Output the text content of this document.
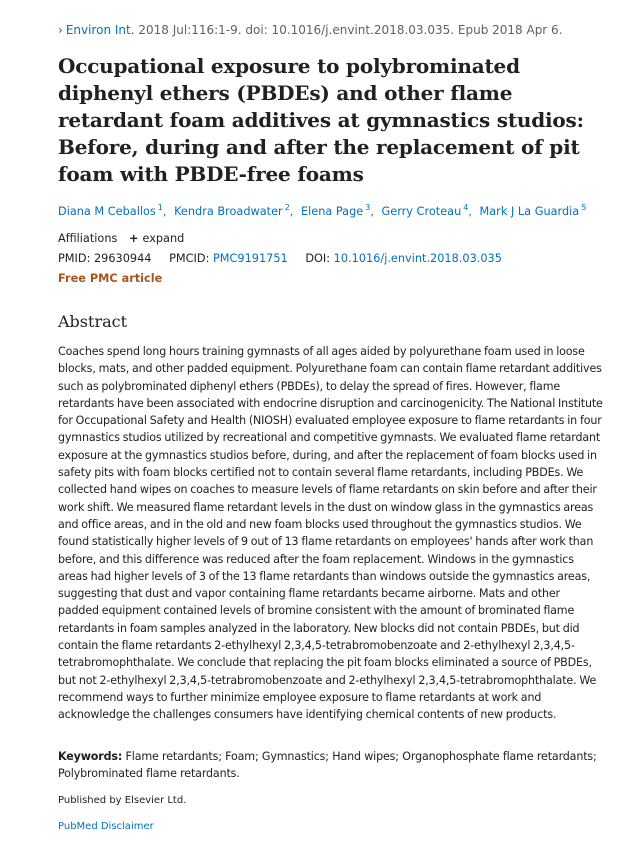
› Environ Int. 2018 Jul:116:1-9. doi: 10.1016/j.envint.2018.03.035. Epub 2018 Apr 6.
Occupational exposure to polybrominated diphenyl ethers (PBDEs) and other flame retardant foam additives at gymnastics studios: Before, during and after the replacement of pit foam with PBDE-free foams
Diana M Ceballos $^1$, Kendra Broadwater $^2$, Elena Page $^3$, Gerry Croteau $^4$, Mark J La Guardia $^5$
Affiliations + expand
PMID: 29630944 PMCID: PMC9191751 DOI: 10.1016/j.envint.2018.03.035
Free PMC article
Abstract

Coaches spend long hours training gymnasts of all ages aided by polyurethane foam used in loose blocks, mats, and other padded equipment. Polyurethane foam can contain flame retardant additives such as polybrominated diphenyl ethers (PBDEs), to delay the spread of fires. However, flame retardants have been associated with endocrine disruption and carcinogenicity. The National Institute for Occupational Safety and Health (NIOSH) evaluated employee exposure to flame retardants in four gymnastics studios utilized by recreational and competitive gymnasts. We evaluated flame retardant exposure at the gymnastics studios before, during, and after the replacement of foam blocks used in safety pits with foam blocks certified not to contain several flame retardants, including PBDEs. We collected hand wipes on coaches to measure levels of flame retardants on skin before and after their work shift. We measured flame retardant levels in the dust on window glass in the gymnastics areas and office areas, and in the old and new foam blocks used throughout the gymnastics studios. We found statistically higher levels of 9 out of 13 flame retardants on employees' hands after work than before, and this difference was reduced after the foam replacement. Windows in the gymnastics areas had higher levels of 3 of the 13 flame retardants than windows outside the gymnastics areas, suggesting that dust and vapor containing flame retardants became airborne. Mats and other padded equipment contained levels of bromine consistent with the amount of brominated flame retardants in foam samples analyzed in the laboratory. New blocks did not contain PBDEs, but did contain the flame retardants 2-ethylhexyl 2,3,4,5-tetrabromobenzoate and 2-ethylhexyl 2,3,4,5-tetrabromophthalate. We conclude that replacing the pit foam blocks eliminated a source of PBDEs, but not 2-ethylhexyl 2,3,4,5-tetrabromobenzoate and 2-ethylhexyl 2,3,4,5-tetrabromophthalate. We recommend ways to further minimize employee exposure to flame retardants at work and acknowledge the challenges consumers have identifying chemical contents of new products.

Keywords: Flame retardants; Foam; Gymnastics; Hand wipes; Organophosphate flame retardants; Polybrominated flame retardants.

Published by Elsevier Ltd.
PubMed Disclaimer
